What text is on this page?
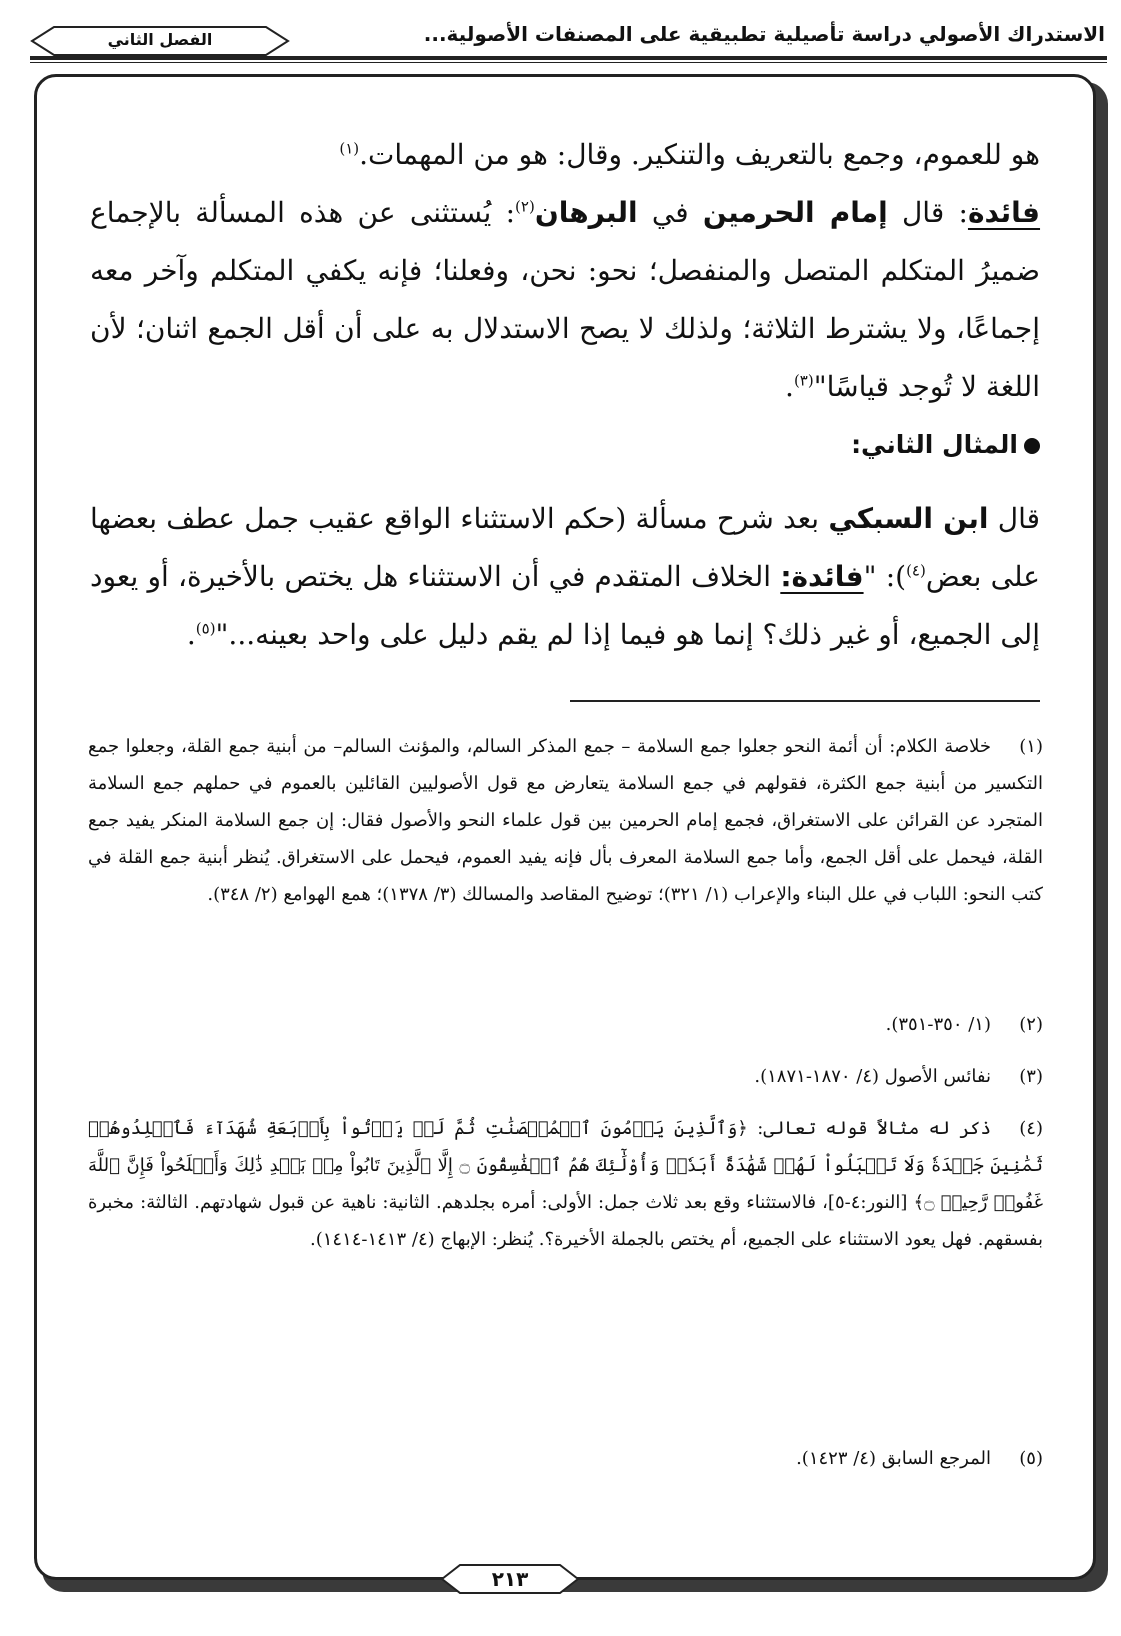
الاستدراك الأصولي دراسة تأصيلية تطبيقية على المصنفات الأصولية...
الفصل الثاني
هو للعموم، وجمع بالتعريف والتنكير. وقال: هو من المهمات.$^{(١)}$
فائدة: قال إمام الحرمين في البرهان$^{(٢)}$: يُستثنى عن هذه المسألة بالإجماع ضميرُ المتكلم المتصل والمنفصل؛ نحو: نحن، وفعلنا؛ فإنه يكفي المتكلم وآخر معه إجماعًا، ولا يشترط الثلاثة؛ ولذلك لا يصح الاستدلال به على أن أقل الجمع اثنان؛ لأن اللغة لا تُوجد قياسًا"$^{(٣)}$.
المثال الثاني:
قال ابن السبكي بعد شرح مسألة (حكم الاستثناء الواقع عقيب جمل عطف بعضها على بعض$^{(٤)}$): "فائدة: الخلاف المتقدم في أن الاستثناء هل يختص بالأخيرة، أو يعود إلى الجميع، أو غير ذلك؟ إنما هو فيما إذا لم يقم دليل على واحد بعينه..."$^{(٥)}$.
(١)خلاصة الكلام: أن أئمة النحو جعلوا جمع السلامة – جمع المذكر السالم، والمؤنث السالم– من أبنية جمع القلة، وجعلوا جمع التكسير من أبنية جمع الكثرة، فقولهم في جمع السلامة يتعارض مع قول الأصوليين القائلين بالعموم في حملهم جمع السلامة المتجرد عن القرائن على الاستغراق، فجمع إمام الحرمين بين قول علماء النحو والأصول فقال: إن جمع السلامة المنكر يفيد جمع القلة، فيحمل على أقل الجمع، وأما جمع السلامة المعرف بأل فإنه يفيد العموم، فيحمل على الاستغراق. يُنظر أبنية جمع القلة في كتب النحو: اللباب في علل البناء والإعراب (١/ ٣٢١)؛ توضيح المقاصد والمسالك (٣/ ١٣٧٨)؛ همع الهوامع (٢/ ٣٤٨).
(٢)(١/ ٣٥٠-٣٥١).
(٣)نفائس الأصول (٤/ ١٨٧٠-١٨٧١).
(٤)ذكر له مثالاً قوله تعالى: ﴿وَٱلَّذِينَ يَرۡمُونَ ٱلۡمُحۡصَنَٰتِ ثُمَّ لَمۡ يَأۡتُواْ بِأَرۡبَعَةِ شُهَدَآءَ فَٱجۡلِدُوهُمۡ ثَمَٰنِينَ جَلۡدَةٗ وَلَا تَقۡبَلُواْ لَهُمۡ شَهَٰدَةً أَبَدٗاۚ وَأُوْلَٰٓئِكَ هُمُ ٱلۡفَٰسِقُونَ ۝ إِلَّا ٱلَّذِينَ تَابُواْ مِنۢ بَعۡدِ ذَٰلِكَ وَأَصۡلَحُواْ فَإِنَّ ٱللَّهَ غَفُورٞ رَّحِيمٞ ۝﴾ [النور:٤-٥]، فالاستثناء وقع بعد ثلاث جمل: الأولى: أمره بجلدهم. الثانية: ناهية عن قبول شهادتهم. الثالثة: مخبرة بفسقهم. فهل يعود الاستثناء على الجميع، أم يختص بالجملة الأخيرة؟. يُنظر: الإبهاج (٤/ ١٤١٣-١٤١٤).
(٥)المرجع السابق (٤/ ١٤٢٣).
٢١٣
